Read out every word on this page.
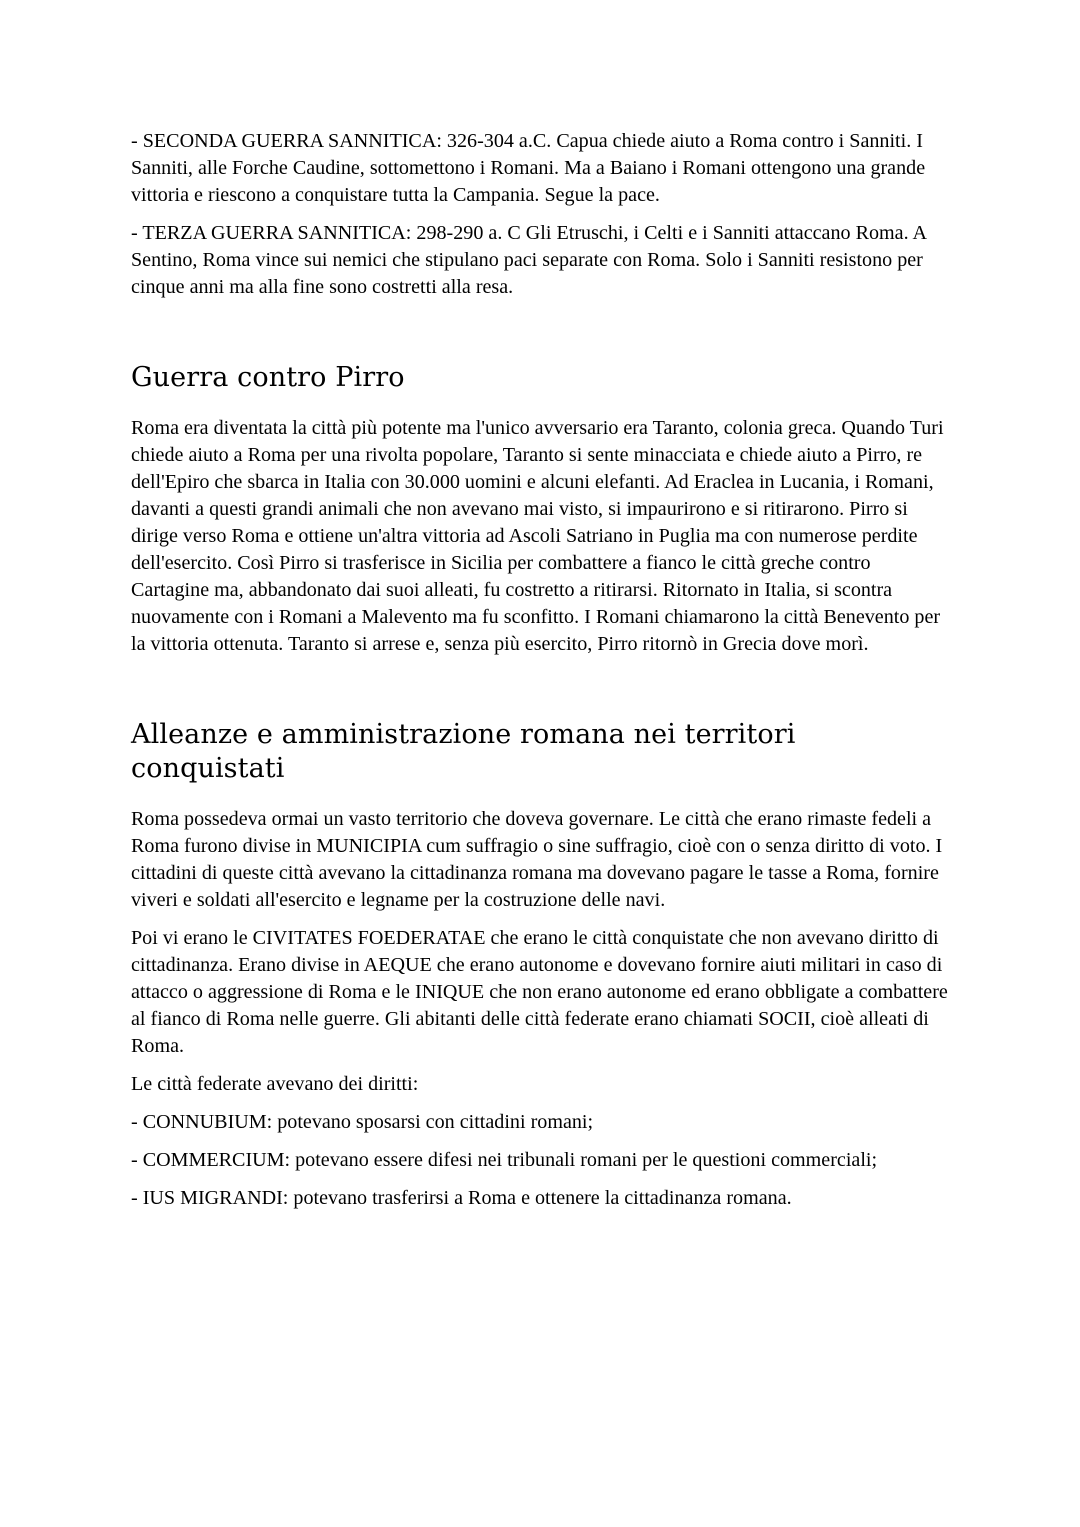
- SECONDA GUERRA SANNITICA: 326-304 a.C. Capua chiede aiuto a Roma contro i Sanniti. I Sanniti, alle Forche Caudine, sottomettono i Romani. Ma a Baiano i Romani ottengono una grande vittoria e riescono a conquistare tutta la Campania. Segue la pace.

- TERZA GUERRA SANNITICA: 298-290 a. C Gli Etruschi, i Celti e i Sanniti attaccano Roma. A Sentino, Roma vince sui nemici che stipulano paci separate con Roma. Solo i Sanniti resistono per cinque anni ma alla fine sono costretti alla resa.

Guerra contro Pirro

Roma era diventata la città più potente ma l'unico avversario era Taranto, colonia greca. Quando Turi chiede aiuto a Roma per una rivolta popolare, Taranto si sente minacciata e chiede aiuto a Pirro, re dell'Epiro che sbarca in Italia con 30.000 uomini e alcuni elefanti. Ad Eraclea in Lucania, i Romani, davanti a questi grandi animali che non avevano mai visto, si impaurirono e si ritirarono. Pirro si dirige verso Roma e ottiene un'altra vittoria ad Ascoli Satriano in Puglia ma con numerose perdite dell'esercito. Così Pirro si trasferisce in Sicilia per combattere a fianco le città greche contro Cartagine ma, abbandonato dai suoi alleati, fu costretto a ritirarsi. Ritornato in Italia, si scontra nuovamente con i Romani a Malevento ma fu sconfitto. I Romani chiamarono la città Benevento per la vittoria ottenuta. Taranto si arrese e, senza più esercito, Pirro ritornò in Grecia dove morì.

Alleanze e amministrazione romana nei territori conquistati

Roma possedeva ormai un vasto territorio che doveva governare. Le città che erano rimaste fedeli a Roma furono divise in MUNICIPIA cum suffragio o sine suffragio, cioè con o senza diritto di voto. I cittadini di queste città avevano la cittadinanza romana ma dovevano pagare le tasse a Roma, fornire viveri e soldati all'esercito e legname per la costruzione delle navi.

Poi vi erano le CIVITATES FOEDERATAE che erano le città conquistate che non avevano diritto di cittadinanza. Erano divise in AEQUE che erano autonome e dovevano fornire aiuti militari in caso di attacco o aggressione di Roma e le INIQUE che non erano autonome ed erano obbligate a combattere al fianco di Roma nelle guerre. Gli abitanti delle città federate erano chiamati SOCII, cioè alleati di Roma.

Le città federate avevano dei diritti:

- CONNUBIUM: potevano sposarsi con cittadini romani;

- COMMERCIUM: potevano essere difesi nei tribunali romani per le questioni commerciali;

- IUS MIGRANDI: potevano trasferirsi a Roma e ottenere la cittadinanza romana.
